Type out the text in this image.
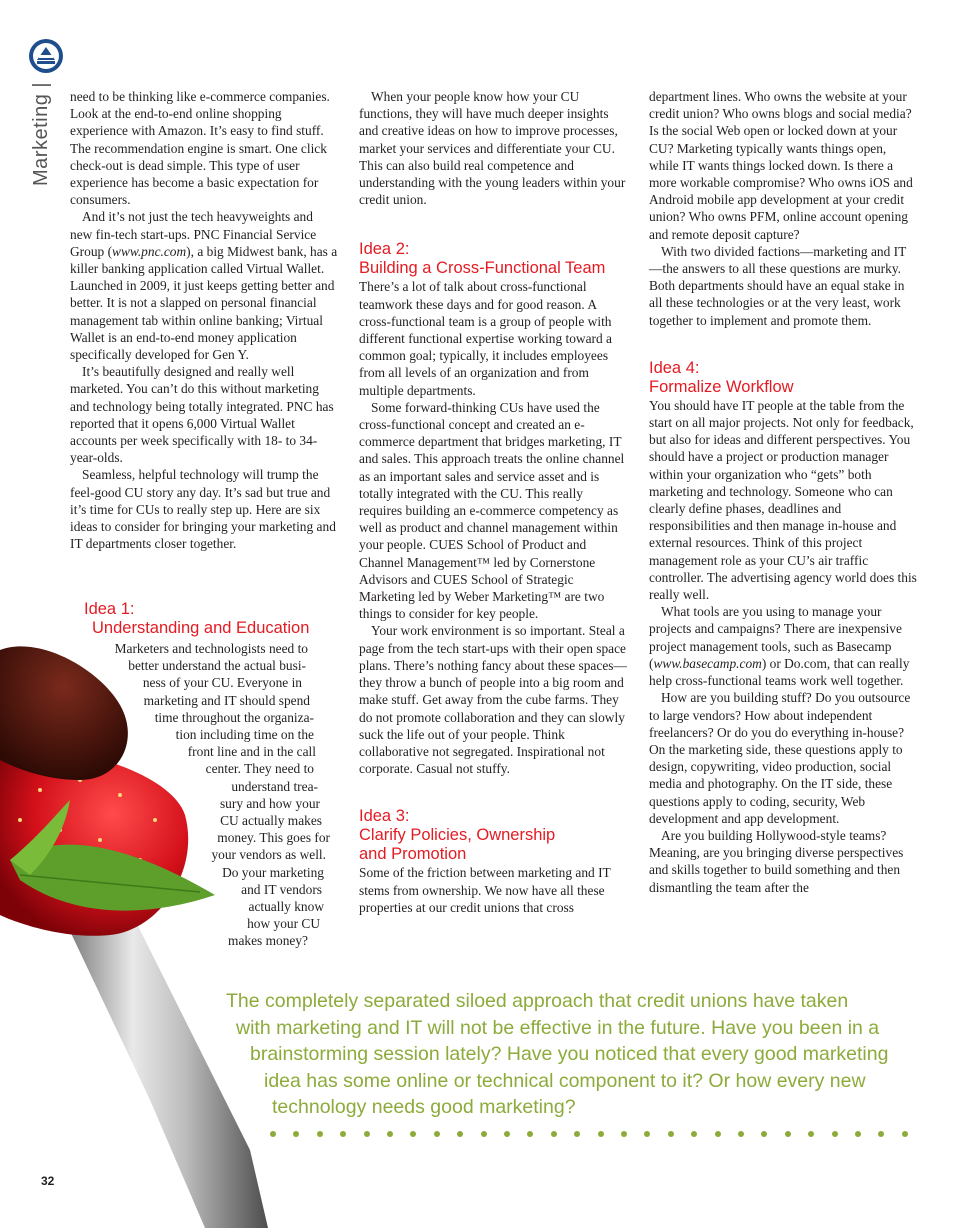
Marketing | need to be thinking like e-commerce companies. Look at the end-to-end online shopping experience with Amazon. It’s easy to find stuff. The recommendation engine is smart. One click check-out is dead simple. This type of user experience has become a basic expectation for consumers.

And it’s not just the tech heavyweights and new fin-tech start-ups. PNC Financial Service Group (www.pnc.com), a big Midwest bank, has a killer banking application called Virtual Wallet. Launched in 2009, it just keeps getting better and better. It is not a slapped on personal financial management tab within online banking; Virtual Wallet is an end-to-end money application specifically developed for Gen Y.

It’s beautifully designed and really well marketed. You can’t do this without marketing and technology being totally integrated. PNC has reported that it opens 6,000 Virtual Wallet accounts per week specifically with 18- to 34-year-olds.

Seamless, helpful technology will trump the feel-good CU story any day. It’s sad but true and it’s time for CUs to really step up. Here are six ideas to consider for bringing your marketing and IT departments closer together.

Idea 1:
Understanding and Education
Marketers and technologists need to
better understand the actual busi-
ness of your CU. Everyone in
marketing and IT should spend
time throughout the organiza-
tion including time on the
front line and in the call
center. They need to
understand trea-
sury and how your
CU actually makes
money. This goes for
your vendors as well.
Do your marketing
and IT vendors
actually know
how your CU
makes money?

When your people know how your CU functions, they will have much deeper insights and creative ideas on how to improve processes, market your services and differentiate your CU. This can also build real competence and understanding with the young leaders within your credit union.

Idea 2:
Building a Cross-Functional Team

There’s a lot of talk about cross-functional teamwork these days and for good reason. A cross-functional team is a group of people with different functional expertise working toward a common goal; typically, it includes employees from all levels of an organization and from multiple departments.

Some forward-thinking CUs have used the cross-functional concept and created an e-commerce department that bridges marketing, IT and sales. This approach treats the online channel as an important sales and service asset and is totally integrated with the CU. This really requires building an e-commerce competency as well as product and channel management within your people. CUES School of Product and Channel Management™ led by Cornerstone Advisors and CUES School of Strategic Marketing led by Weber Marketing™ are two things to consider for key people.

Your work environment is so important. Steal a page from the tech start-ups with their open space plans. There’s nothing fancy about these spaces—they throw a bunch of people into a big room and make stuff. Get away from the cube farms. They do not promote collaboration and they can slowly suck the life out of your people. Think collaborative not segregated. Inspirational not corporate. Casual not stuffy.

Idea 3:
Clarify Policies, Ownership
and Promotion

Some of the friction between marketing and IT stems from ownership. We now have all these properties at our credit unions that cross

department lines. Who owns the website at your credit union? Who owns blogs and social media? Is the social Web open or locked down at your CU? Marketing typically wants things open, while IT wants things locked down. Is there a more workable compromise? Who owns iOS and Android mobile app development at your credit union? Who owns PFM, online account opening and remote deposit capture?

With two divided factions—marketing and IT—the answers to all these questions are murky. Both departments should have an equal stake in all these technologies or at the very least, work together to implement and promote them.

Idea 4:
Formalize Workflow

You should have IT people at the table from the start on all major projects. Not only for feedback, but also for ideas and different perspectives. You should have a project or production manager within your organization who “gets” both marketing and technology. Someone who can clearly define phases, deadlines and responsibilities and then manage in-house and external resources. Think of this project management role as your CU’s air traffic controller. The advertising agency world does this really well.

What tools are you using to manage your projects and campaigns? There are inexpensive project management tools, such as Basecamp (www.basecamp.com) or Do.com, that can really help cross-functional teams work well together.

How are you building stuff? Do you outsource to large vendors? How about independent freelancers? Or do you do everything in-house? On the marketing side, these questions apply to design, copywriting, video production, social media and photography. On the IT side, these questions apply to coding, security, Web development and app development.

Are you building Hollywood-style teams? Meaning, are you bringing diverse perspectives and skills together to build something and then dismantling the team after the

The completely separated siloed approach that credit unions have taken
with marketing and IT will not be effective in the future. Have you been in a
brainstorming session lately? Have you noticed that every good marketing
idea has some online or technical component to it? Or how every new
technology needs good marketing?
32
